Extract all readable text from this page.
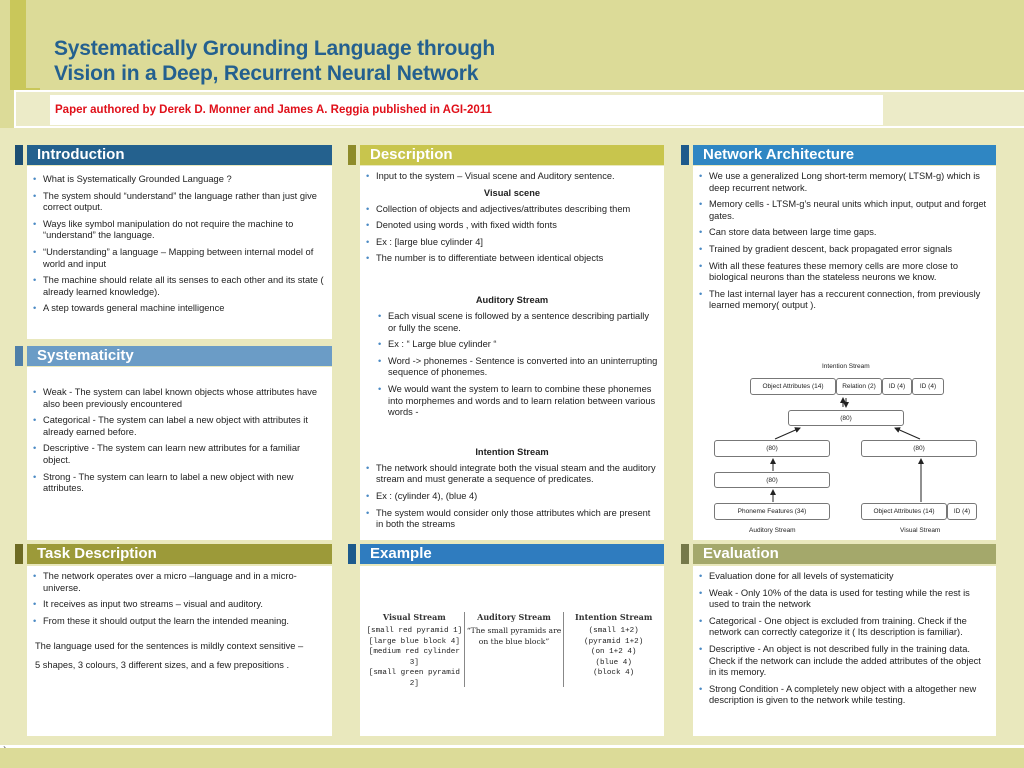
Systematically Grounding Language through
Vision in a Deep, Recurrent Neural Network
Paper authored by Derek D. Monner and James A. Reggia published in AGI-2011
Introduction
• What is Systematically Grounded Language ?
• The system should “understand” the language rather than just give correct output.
• Ways like symbol manipulation do not require the machine to “understand” the language.
• “Understanding” a language – Mapping between internal model of world and input
• The machine should relate all its senses to each other and its state ( already learned knowledge).
• A step towards general machine intelligence
Systematicity
• Weak - The system can label known objects whose attributes have also been previously encountered
• Categorical - The system can label a new object with attributes it already earned before.
• Descriptive - The system can learn new attributes for a familiar object.
• Strong - The system can learn to label a new object with new attributes.
Task Description
• The network operates over a micro –language and in a micro-universe.
• It receives as input two streams – visual and auditory.
• From these it should output the learn the intended meaning.
The language used for the sentences is mildly context sensitive –
5 shapes, 3 colours, 3 different sizes, and a few prepositions .
Description
• Input to the system – Visual scene and Auditory sentence.
Visual scene
• Collection of objects and adjectives/attributes describing them
• Denoted using words , with fixed width fonts
• Ex : [large blue cylinder 4]
• The number is to differentiate between identical objects
Auditory Stream
• Each visual scene is followed by a sentence describing partially or fully the scene.
• Ex : “ Large blue cylinder “
• Word -> phonemes - Sentence is converted into an uninterrupting sequence of phonemes.
• We would want the system to learn to combine these phonemes into morphemes and words and to learn relation between various words -
Intention Stream
• The network should integrate both the visual steam and the auditory stream and must generate a sequence of predicates.
• Ex : (cylinder 4), (blue 4)
• The system would consider only those attributes which are present in both the streams
Example
Visual Stream
[small red pyramid 1]
[large blue block 4]
[medium red cylinder 3]
[small green pyramid 2]
Auditory Stream
“The small pyramids are
on the blue block”
Intention Stream
(small 1+2)
(pyramid 1+2)
(on 1+2 4)
(blue 4)
(block 4)
Network Architecture
• We use a generalized Long short-term memory( LTSM-g) which is deep recurrent network.
• Memory cells - LTSM-g’s neural units which input, output and forget gates.
• Can store data between large time gaps.
• Trained by gradient descent, back propagated error signals
• With all these features these memory cells are more close to biological neurons than the stateless neurons we know.
• The last internal layer has a reccurent connection, from previously learned memory( output ).
Intention Stream
Object Attributes (14)	Relation (2)	ID (4)	ID (4)
(80)
(80)	(80)
(80)
Phoneme Features (34)	Object Attributes (14)	ID (4)
Auditory Stream	Visual Stream
Evaluation
• Evaluation done for all levels of systematicity
• Weak - Only 10% of the data is used for testing while the rest is used to train the network
• Categorical - One object is excluded from training. Check if the network can correctly categorize it ( Its description is familiar).
• Descriptive - An object is not described fully in the training data. Check if the network can include the added attributes of the object in its memory.
• Strong Condition - A completely new object with a altogether new description is given to the network while testing.
`
